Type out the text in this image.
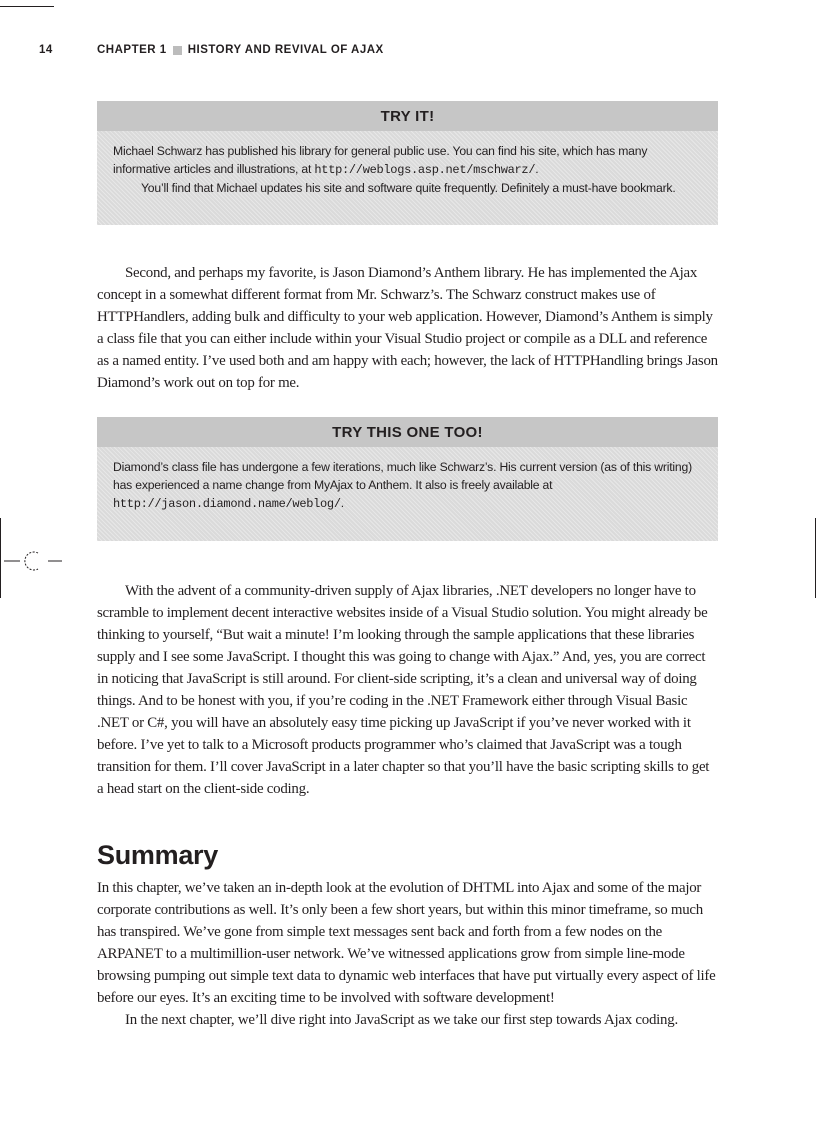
14	CHAPTER 1 HISTORY AND REVIVAL OF AJAX
TRY IT!

Michael Schwarz has published his library for general public use. You can find his site, which has many informative articles and illustrations, at http://weblogs.asp.net/mschwarz/.

You’ll find that Michael updates his site and software quite frequently. Definitely a must-have bookmark.

Second, and perhaps my favorite, is Jason Diamond’s Anthem library. He has implemented the Ajax concept in a somewhat different format from Mr. Schwarz’s. The Schwarz construct makes use of HTTPHandlers, adding bulk and difficulty to your web application. However, Diamond’s Anthem is simply a class file that you can either include within your Visual Studio project or compile as a DLL and reference as a named entity. I’ve used both and am happy with each; however, the lack of HTTPHandling brings Jason Diamond’s work out on top for me.

TRY THIS ONE TOO!

Diamond’s class file has undergone a few iterations, much like Schwarz’s. His current version (as of this writing) has experienced a name change from MyAjax to Anthem. It also is freely available at http://jason.diamond.name/weblog/.

With the advent of a community-driven supply of Ajax libraries, .NET developers no longer have to scramble to implement decent interactive websites inside of a Visual Studio solution. You might already be thinking to yourself, “But wait a minute! I’m looking through the sample applications that these libraries supply and I see some JavaScript. I thought this was going to change with Ajax.” And, yes, you are correct in noticing that JavaScript is still around. For client-side scripting, it’s a clean and universal way of doing things. And to be honest with you, if you’re coding in the .NET Framework either through Visual Basic .NET or C#, you will have an absolutely easy time picking up JavaScript if you’ve never worked with it before. I’ve yet to talk to a Microsoft products programmer who’s claimed that JavaScript was a tough transition for them. I’ll cover JavaScript in a later chapter so that you’ll have the basic scripting skills to get a head start on the client-side coding.

Summary

In this chapter, we’ve taken an in-depth look at the evolution of DHTML into Ajax and some of the major corporate contributions as well. It’s only been a few short years, but within this minor timeframe, so much has transpired. We’ve gone from simple text messages sent back and forth from a few nodes on the ARPANET to a multimillion-user network. We’ve witnessed applications grow from simple line-mode browsing pumping out simple text data to dynamic web interfaces that have put virtually every aspect of life before our eyes. It’s an exciting time to be involved with software development!

In the next chapter, we’ll dive right into JavaScript as we take our first step towards Ajax coding.
